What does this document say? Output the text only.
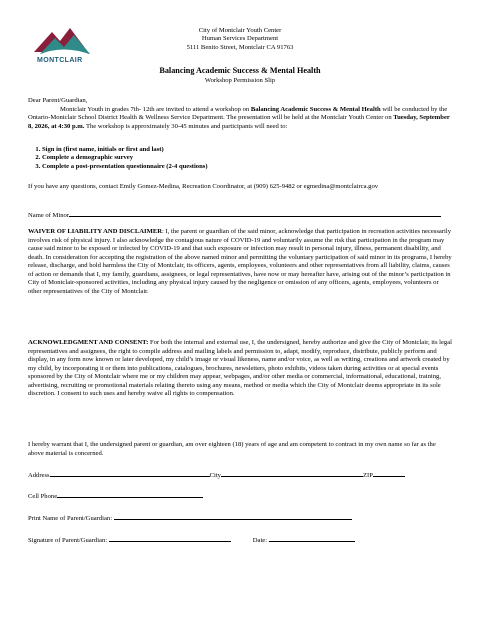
MONTCLAIR
City of Montclair Youth Center
Human Services Department
5111 Benito Street, Montclair CA 91763
Balancing Academic Success & Mental Health
Workshop Permission Slip
Dear Parent/Guardian,
Montclair Youth in grades 7th- 12th are invited to attend a workshop on Balancing Academic Success & Mental Health will be conducted by the Ontario-Montclair School District Health & Wellness Service Department. The presentation will be held at the Montclair Youth Center on Tuesday, September 8, 2026, at 4:30 p.m. The workshop is approximately 30-45 minutes and participants will need to:
1. Sign in (first name, initials or first and last)
2. Complete a demographic survey
3. Complete a post-presentation questionnaire (2-4 questions)
If you have any questions, contact Emily Gomez-Medina, Recreation Coordinator, at (909) 625-9482 or egmedina@montclairca.gov
Name of Minor
WAIVER OF LIABILITY AND DISCLAIMER: I, the parent or guardian of the said minor, acknowledge that participation in recreation activities necessarily involves risk of physical injury. I also acknowledge the contagious nature of COVID-19 and voluntarily assume the risk that participation in the program may cause said minor to be exposed or infected by COVID-19 and that such exposure or infection may result in personal injury, illness, permanent disability, and death. In consideration for accepting the registration of the above named minor and permitting the voluntary participation of said minor in its programs, I hereby release, discharge, and hold harmless the City of Montclair, its officers, agents, employees, volunteers and other representatives from all liability, claims, causes of action or demands that I, my family, guardians, assignees, or legal representatives, have now or may hereafter have, arising out of the minor’s participation in City of Montclair-sponsored activities, including any physical injury caused by the negligence or omission of any officers, agents, employees, volunteers or other representatives of the City of Montclair.
ACKNOWLEDGMENT AND CONSENT: For both the internal and external use, I, the undersigned, hereby authorize and give the City of Montclair, its legal representatives and assignees, the right to compile address and mailing labels and permission to, adapt, modify, reproduce, distribute, publicly perform and display, in any form now known or later developed, my child’s image or visual likeness, name and/or voice, as well as writing, creations and artwork created by my child, by incorporating it or them into publications, catalogues, brochures, newsletters, photo exhibits, videos taken during activities or at special events sponsored by the City of Montclair where me or my children may appear, webpages, and/or other media or commercial, informational, educational, training, advertising, recruiting or promotional materials relating thereto using any means, method or media which the City of Montclair deems appropriate in its sole discretion. I consent to such uses and hereby waive all rights to compensation.
I hereby warrant that I, the undersigned parent or guardian, am over eighteen (18) years of age and am competent to contract in my own name so far as the above material is concerned.
Address	City	ZIP
Cell Phone
Print Name of Parent/Guardian:
Signature of Parent/Guardian:	Date:
